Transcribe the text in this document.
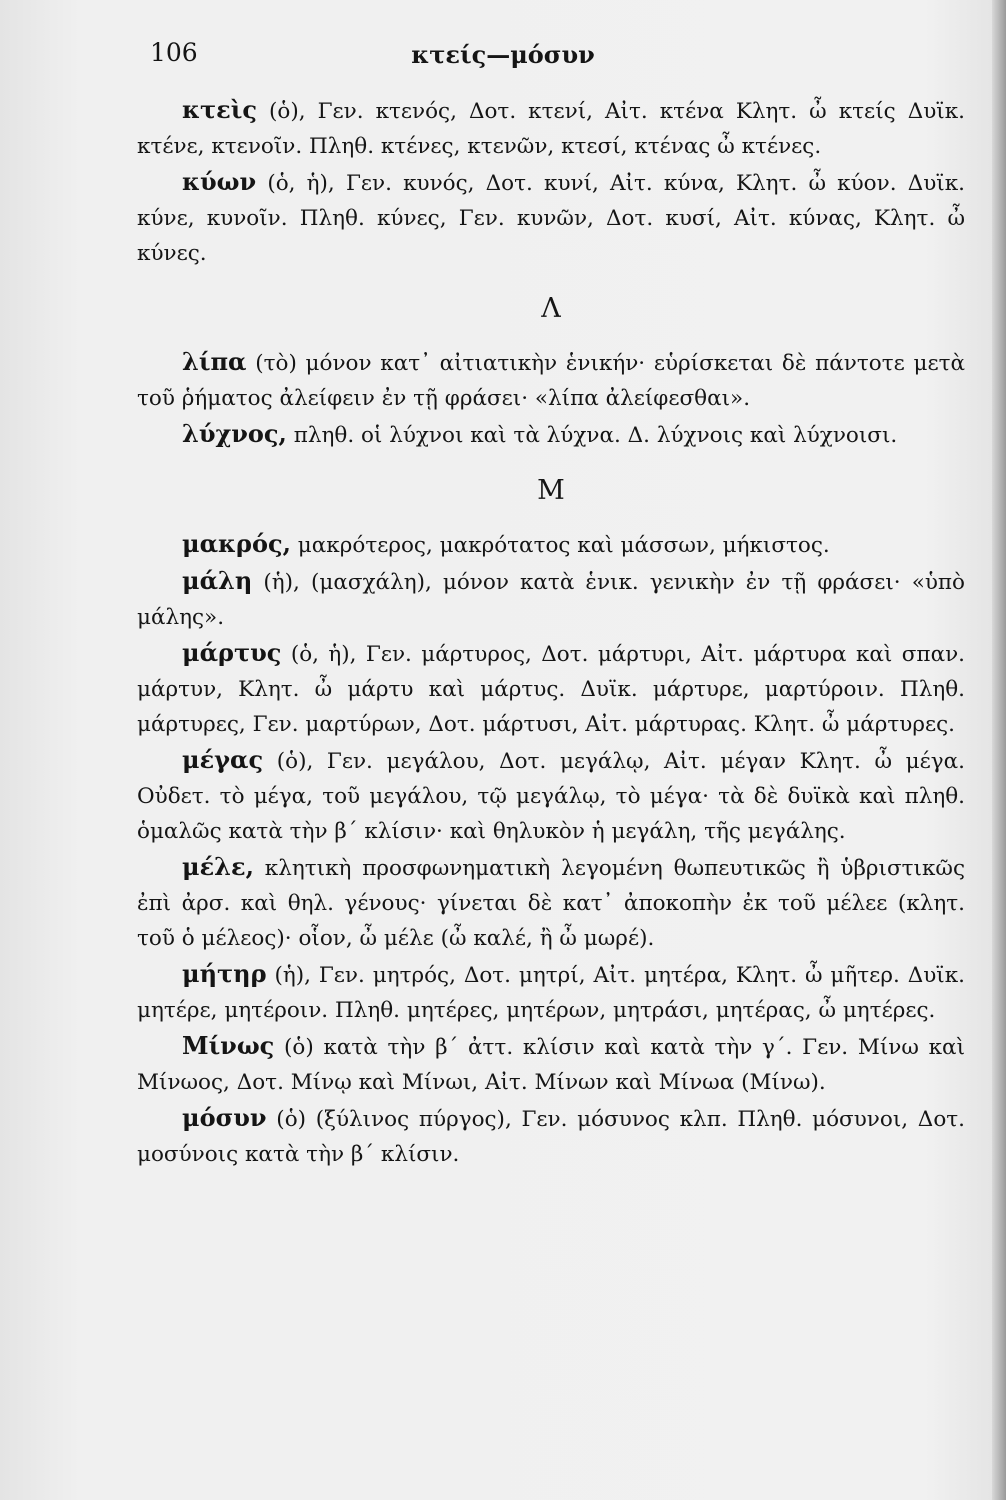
106	κτείς—μόσυν

κτεὶς (ὁ), Γεν. κτενός, Δοτ. κτενί, Αἰτ. κτένα Κλητ. ὦ κτείς Δυϊκ. κτένε, κτενοῖν. Πληθ. κτένες, κτενῶν, κτεσί, κτένας ὦ κτένες.

κύων (ὁ, ἡ), Γεν. κυνός, Δοτ. κυνί, Αἰτ. κύνα, Κλητ. ὦ κύον. Δυϊκ. κύνε, κυνοῖν. Πληθ. κύνες, Γεν. κυνῶν, Δοτ. κυσί, Αἰτ. κύνας, Κλητ. ὦ κύνες.

Λ

λίπα (τὸ) μόνον κατ᾽ αἰτιατικὴν ἑνικήν· εὑρίσκεται δὲ πάντοτε μετὰ τοῦ ῥήματος ἀλείφειν ἐν τῇ φράσει· «λίπα ἀλείφεσθαι».

λύχνος, πληθ. οἱ λύχνοι καὶ τὰ λύχνα. Δ. λύχνοις καὶ λύχνοισι.

Μ

μακρός, μακρότερος, μακρότατος καὶ μάσσων, μήκιστος.

μάλη (ἡ), (μασχάλη), μόνον κατὰ ἑνικ. γενικὴν ἐν τῇ φράσει· «ὑπὸ μάλης».

μάρτυς (ὁ, ἡ), Γεν. μάρτυρος, Δοτ. μάρτυρι, Αἰτ. μάρτυρα καὶ σπαν. μάρτυν, Κλητ. ὦ μάρτυ καὶ μάρτυς. Δυϊκ. μάρτυρε, μαρτύροιν. Πληθ. μάρτυρες, Γεν. μαρτύρων, Δοτ. μάρτυσι, Αἰτ. μάρτυρας. Κλητ. ὦ μάρτυρες.

μέγας (ὁ), Γεν. μεγάλου, Δοτ. μεγάλῳ, Αἰτ. μέγαν Κλητ. ὦ μέγα. Οὐδετ. τὸ μέγα, τοῦ μεγάλου, τῷ μεγάλῳ, τὸ μέγα· τὰ δὲ δυϊκὰ καὶ πληθ. ὁμαλῶς κατὰ τὴν β´ κλίσιν· καὶ θηλυκὸν ἡ μεγάλη, τῆς μεγάλης.

μέλε, κλητικὴ προσφωνηματικὴ λεγομένη θωπευτικῶς ἢ ὑβριστικῶς ἐπὶ ἀρσ. καὶ θηλ. γένους· γίνεται δὲ κατ᾽ ἀποκοπὴν ἐκ τοῦ μέλεε (κλητ. τοῦ ὁ μέλεος)· οἷον, ὦ μέλε (ὦ καλέ, ἢ ὦ μωρέ).

μήτηρ (ἡ), Γεν. μητρός, Δοτ. μητρί, Αἰτ. μητέρα, Κλητ. ὦ μῆτερ. Δυϊκ. μητέρε, μητέροιν. Πληθ. μητέρες, μητέρων, μητράσι, μητέρας, ὦ μητέρες.

Μίνως (ὁ) κατὰ τὴν β´ ἀττ. κλίσιν καὶ κατὰ τὴν γ´. Γεν. Μίνω καὶ Μίνωος, Δοτ. Μίνῳ καὶ Μίνωι, Αἰτ. Μίνων καὶ Μίνωα (Μίνω).

μόσυν (ὁ) (ξύλινος πύργος), Γεν. μόσυνος κλπ. Πληθ. μόσυνοι, Δοτ. μοσύνοις κατὰ τὴν β´ κλίσιν.
